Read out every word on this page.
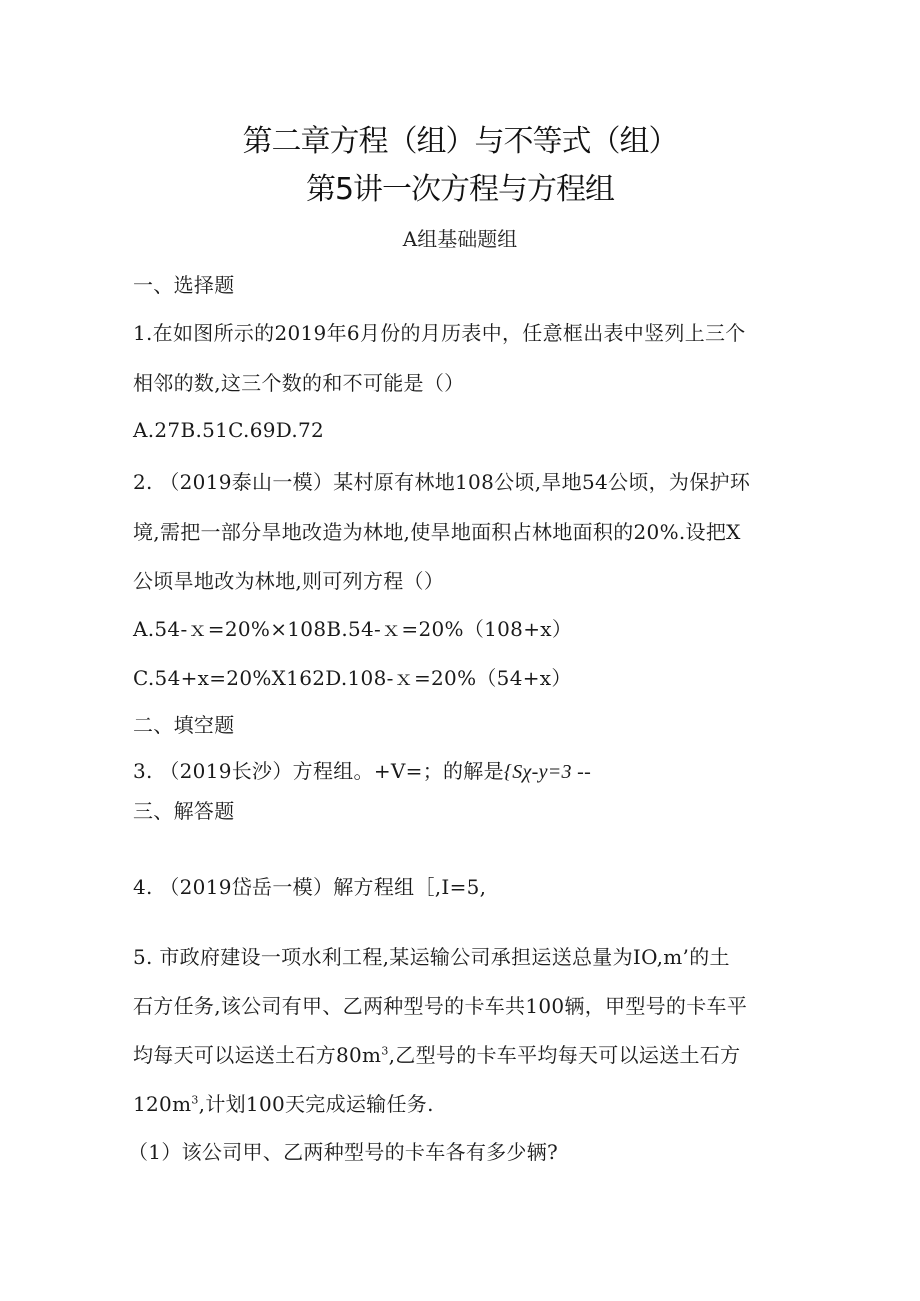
第二章方程（组）与不等式（组）
第5讲一次方程与方程组
A组基础题组
一、选择题
1.在如图所示的2019年6月份的月历表中，任意框出表中竖列上三个
相邻的数,这三个数的和不可能是（）
A.27B.51C.69D.72
2. （2019泰山一模）某村原有林地108公顷,旱地54公顷，为保护环
境,需把一部分旱地改造为林地,使旱地面积占林地面积的20%.设把X
公顷旱地改为林地,则可列方程（）
A.54-ｘ=20%×108B.54-ｘ=20%（108+x）
C.54+x=20%X162D.108-ｘ=20%（54+x）
二、填空题
3. （2019长沙）方程组。+V=；的解是{Sχ-y=3 --
三、解答题
4. （2019岱岳一模）解方程组［,I=5,
5. 市政府建设一项水利工程,某运输公司承担运送总量为IO,m’的土
石方任务,该公司有甲、乙两种型号的卡车共100辆，甲型号的卡车平
均每天可以运送土石方$80m^3$,乙型号的卡车平均每天可以运送土石方
$120m^3$,计划100天完成运输任务.
（1）该公司甲、乙两种型号的卡车各有多少辆?
